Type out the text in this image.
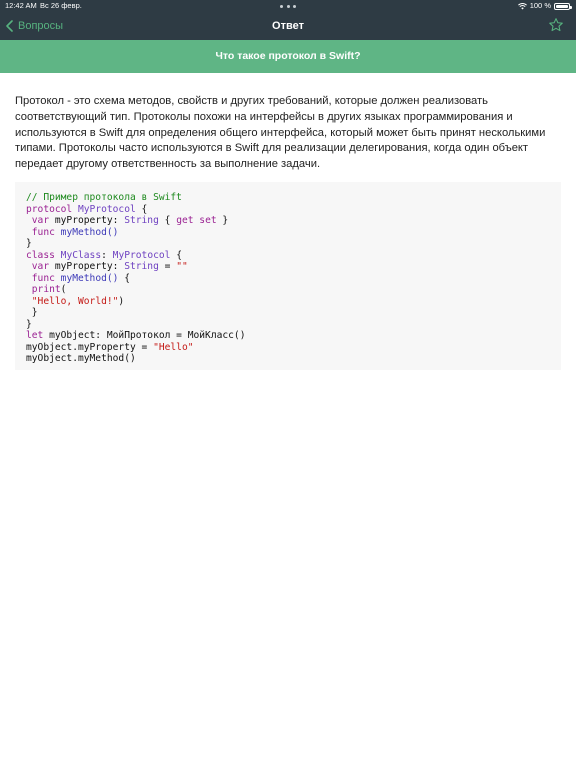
12:42 AM Вс 26 февр.	100 %
Вопросы	Ответ
Что такое протокол в Swift?
Протокол - это схема методов, свойств и других требований, которые должен реализовать соответствующий тип. Протоколы похожи на интерфейсы в других языках программирования и используются в Swift для определения общего интерфейса, который может быть принят несколькими типами. Протоколы часто используются в Swift для реализации делегирования, когда один объект передает другому ответственность за выполнение задачи.
// Пример протокола в Swift
protocol MyProtocol {
var myProperty: String { get set }
func myMethod()
}
class MyClass: MyProtocol {
var myProperty: String = ""
func myMethod() {
print(
"Hello, World!")
}
}
let myObject: МойПротокол = МойКласс()
myObject.myProperty = "Hello"
myObject.myMethod()
